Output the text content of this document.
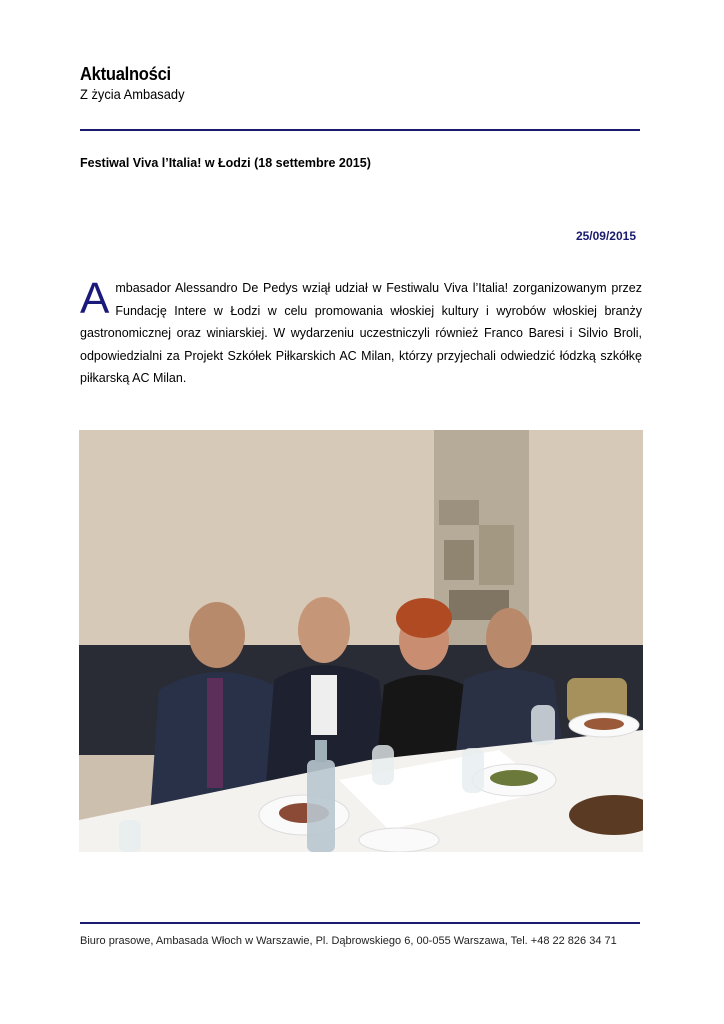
Aktualności
Z życia Ambasady
Festiwal Viva l’Italia! w Łodzi (18 settembre 2015)
25/09/2015
Ambasador Alessandro De Pedys wziął udział w Festiwalu Viva l’Italia! zorganizowanym przez Fundację Intere w Łodzi w celu promowania włoskiej kultury i wyrobów włoskiej branży gastronomicznej oraz winiarskiej. W wydarzeniu uczestniczyli również Franco Baresi i Silvio Broli, odpowiedzialni za Projekt Szkółek Piłkarskich AC Milan, którzy przyjechali odwiedzić łódzką szkółkę piłkarską AC Milan.
Biuro prasowe, Ambasada Włoch w Warszawie, Pl. Dąbrowskiego 6, 00-055 Warszawa, Tel. +48 22 826 34 71
